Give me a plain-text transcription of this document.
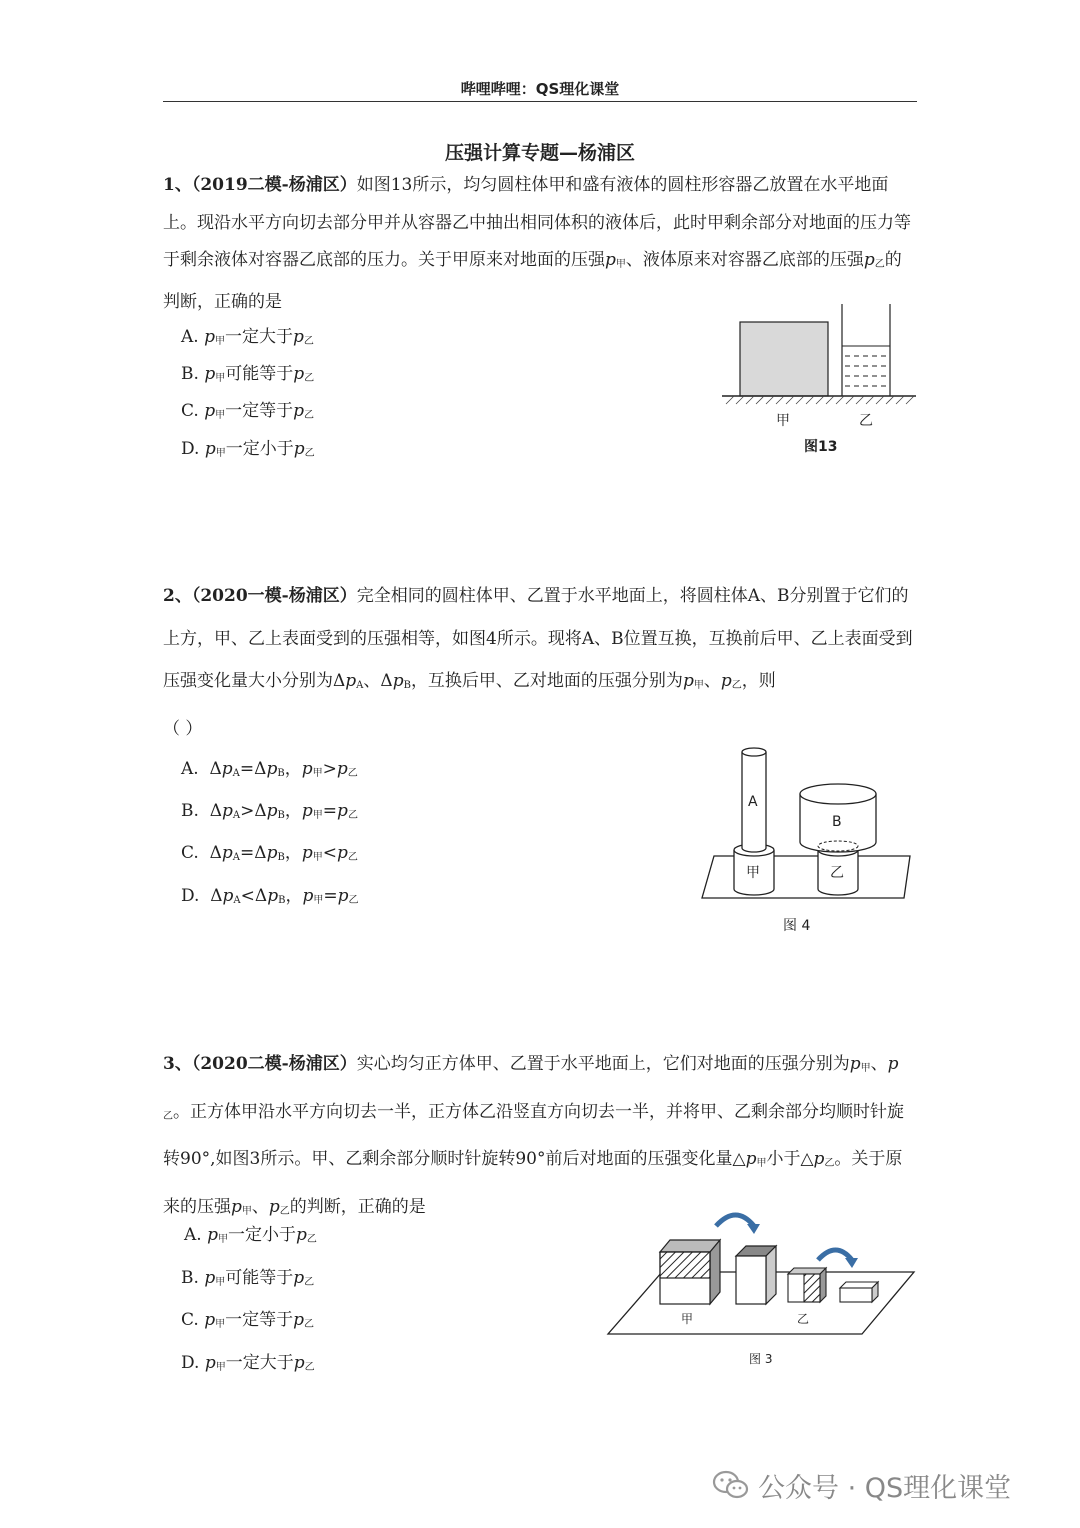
哔哩哔哩：QS理化课堂
压强计算专题—杨浦区

1、（2019二模-杨浦区）如图13所示，均匀圆柱体甲和盛有液体的圆柱形容器乙放置在水平地面上。现沿水平方向切去部分甲并从容器乙中抽出相同体积的液体后，此时甲剩余部分对地面的压力等于剩余液体对容器乙底部的压力。关于甲原来对地面的压强$p_甲$、液体原来对容器乙底部的压强$p_乙$的判断，正确的是

A. $p_甲$一定大于$p_乙$
B. $p_甲$可能等于$p_乙$
C. $p_甲$一定等于$p_乙$
D. $p_甲$一定小于$p_乙$
甲	乙
图13

2、（2020一模-杨浦区）完全相同的圆柱体甲、乙置于水平地面上，将圆柱体A、B分别置于它们的上方，甲、乙上表面受到的压强相等，如图4所示。现将A、B位置互换，互换前后甲、乙上表面受到压强变化量大小分别为$\Delta p_A$、$\Delta p_B$，互换后甲、乙对地面的压强分别为$p_甲$、$p_乙$，则
（ ）

A.  $\Delta p_A=\Delta p_B$，$p_甲>p_乙$
B.  $\Delta p_A>\Delta p_B$，$p_甲=p_乙$
C.  $\Delta p_A=\Delta p_B$，$p_甲<p_乙$
D.  $\Delta p_A<\Delta p_B$，$p_甲=p_乙$
A
B
甲	乙
图 4

3、（2020二模-杨浦区）实心均匀正方体甲、乙置于水平地面上，它们对地面的压强分别为$p_甲$、$p_乙$。正方体甲沿水平方向切去一半，正方体乙沿竖直方向切去一半，并将甲、乙剩余部分均顺时针旋转90°,如图3所示。甲、乙剩余部分顺时针旋转90°前后对地面的压强变化量$\triangle p_甲$小于$\triangle p_乙$。关于原来的压强$p_甲$、$p_乙$的判断，正确的是

A. $p_甲$一定小于$p_乙$
B. $p_甲$可能等于$p_乙$
C. $p_甲$一定等于$p_乙$
D. $p_甲$一定大于$p_乙$
甲	乙
图 3
公众号 · QS理化课堂
